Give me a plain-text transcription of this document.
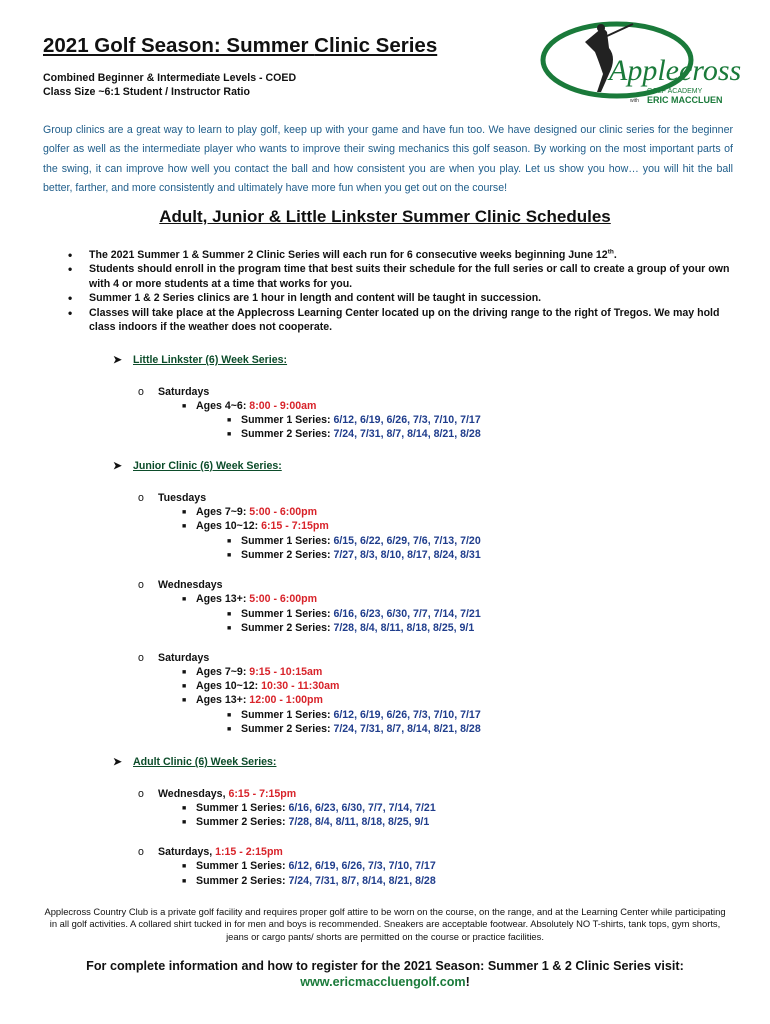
2021 Golf Season: Summer Clinic Series
Combined Beginner & Intermediate Levels - COED
Class Size ~6:1 Student / Instructor Ratio
Applecross
GOLF ACADEMY
with ERIC MACCLUEN
Group clinics are a great way to learn to play golf, keep up with your game and have fun too. We have designed our clinic series for the beginner golfer as well as the intermediate player who wants to improve their swing mechanics this golf season. By working on the most important parts of the swing, it can improve how well you contact the ball and how consistent you are when you play. Let us show you how… you will hit the ball better, farther, and more consistently and ultimately have more fun when you get out on the course!
Adult, Junior & Little Linkster Summer Clinic Schedules
• The 2021 Summer 1 & Summer 2 Clinic Series will each run for 6 consecutive weeks beginning June 12th.
• Students should enroll in the program time that best suits their schedule for the full series or call to create a group of your own with 4 or more students at a time that works for you.
• Summer 1 & 2 Series clinics are 1 hour in length and content will be taught in succession.
• Classes will take place at the Applecross Learning Center located up on the driving range to the right of Tregos. We may hold class indoors if the weather does not cooperate.
➤ Little Linkster (6) Week Series:
o Saturdays
■ Ages 4~6: 8:00 - 9:00am
■ Summer 1 Series: 6/12, 6/19, 6/26, 7/3, 7/10, 7/17
■ Summer 2 Series: 7/24, 7/31, 8/7, 8/14, 8/21, 8/28
➤ Junior Clinic (6) Week Series:
o Tuesdays
■ Ages 7~9: 5:00 - 6:00pm
■ Ages 10~12: 6:15 - 7:15pm
■ Summer 1 Series: 6/15, 6/22, 6/29, 7/6, 7/13, 7/20
■ Summer 2 Series: 7/27, 8/3, 8/10, 8/17, 8/24, 8/31
o Wednesdays
■ Ages 13+: 5:00 - 6:00pm
■ Summer 1 Series: 6/16, 6/23, 6/30, 7/7, 7/14, 7/21
■ Summer 2 Series: 7/28, 8/4, 8/11, 8/18, 8/25, 9/1
o Saturdays
■ Ages 7~9: 9:15 - 10:15am
■ Ages 10~12: 10:30 - 11:30am
■ Ages 13+: 12:00 - 1:00pm
■ Summer 1 Series: 6/12, 6/19, 6/26, 7/3, 7/10, 7/17
■ Summer 2 Series: 7/24, 7/31, 8/7, 8/14, 8/21, 8/28
➤ Adult Clinic (6) Week Series:
o Wednesdays, 6:15 - 7:15pm
■ Summer 1 Series: 6/16, 6/23, 6/30, 7/7, 7/14, 7/21
■ Summer 2 Series: 7/28, 8/4, 8/11, 8/18, 8/25, 9/1
o Saturdays, 1:15 - 2:15pm
■ Summer 1 Series: 6/12, 6/19, 6/26, 7/3, 7/10, 7/17
■ Summer 2 Series: 7/24, 7/31, 8/7, 8/14, 8/21, 8/28
Applecross Country Club is a private golf facility and requires proper golf attire to be worn on the course, on the range, and at the Learning Center while participating in all golf activities. A collared shirt tucked in for men and boys is recommended. Sneakers are acceptable footwear. Absolutely NO T-shirts, tank tops, gym shorts, jeans or cargo pants/ shorts are permitted on the course or practice facilities.
For complete information and how to register for the 2021 Season: Summer 1 & 2 Clinic Series visit:
www.ericmaccluengolf.com!
